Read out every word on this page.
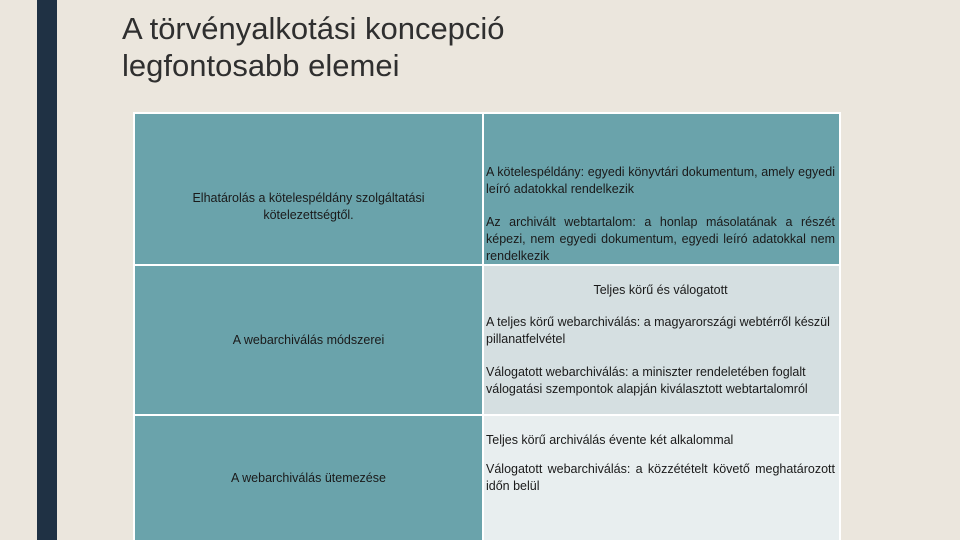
A törvényalkotási koncepció
legfontosabb elemei
Elhatárolás a kötelespéldány szolgáltatási kötelezettségtől.

A kötelespéldány: egyedi könyvtári dokumentum, amely egyedi leíró adatokkal rendelkezik

Az archivált webtartalom: a honlap másolatának a részét képezi, nem egyedi dokumentum, egyedi leíró adatokkal nem rendelkezik

A webarchiválás módszerei

Teljes körű és válogatott

A teljes körű webarchiválás: a magyarországi webtérről készül pillanatfelvétel

Válogatott webarchiválás: a miniszter rendeletében foglalt válogatási szempontok alapján kiválasztott webtartalomról

A webarchiválás ütemezése

Teljes körű archiválás évente két alkalommal

Válogatott webarchiválás: a közzétételt követő meghatározott időn belül
